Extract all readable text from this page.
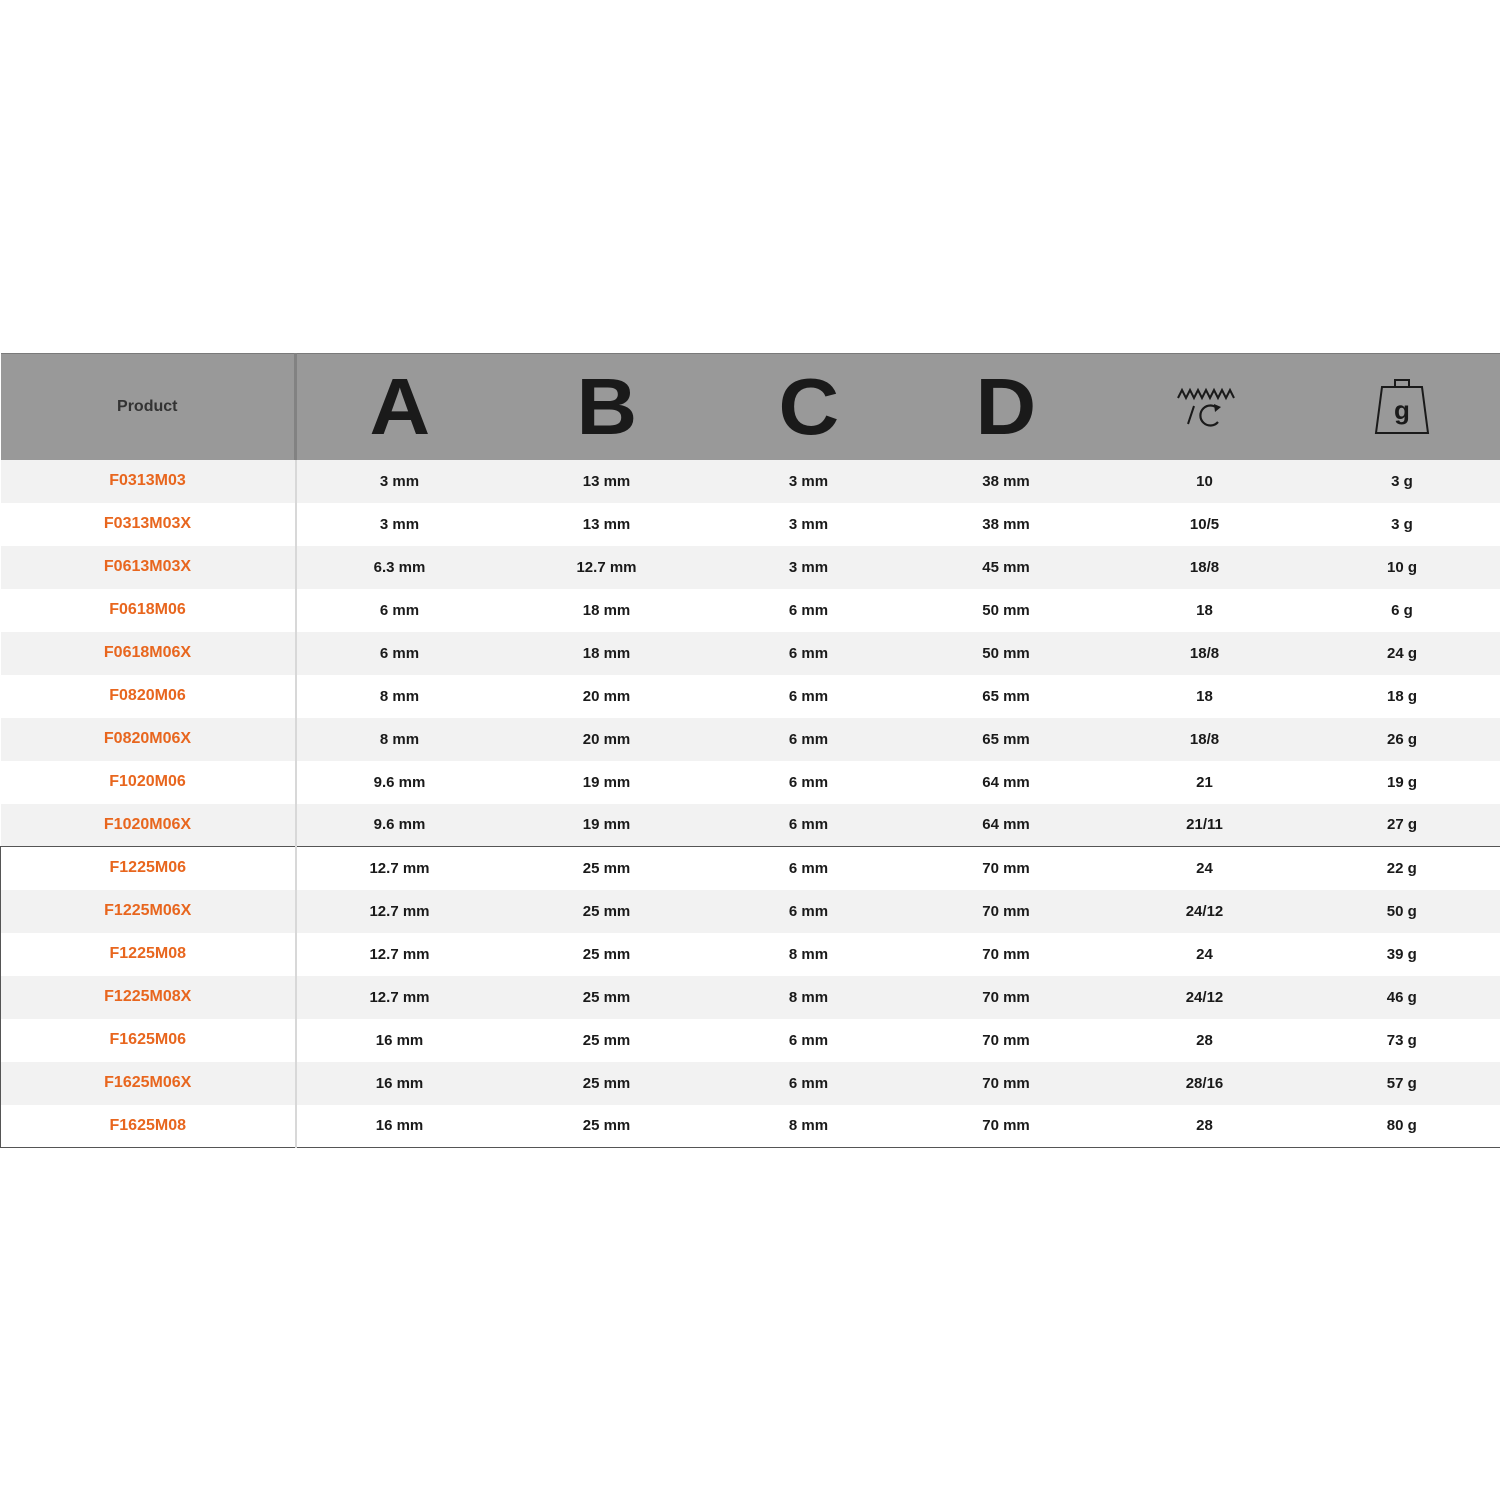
Product	A	B	C	D		g

F0313M03	3 mm	13 mm	3 mm	38 mm	10	3 g
F0313M03X	3 mm	13 mm	3 mm	38 mm	10/5	3 g
F0613M03X	6.3 mm	12.7 mm	3 mm	45 mm	18/8	10 g
F0618M06	6 mm	18 mm	6 mm	50 mm	18	6 g
F0618M06X	6 mm	18 mm	6 mm	50 mm	18/8	24 g
F0820M06	8 mm	20 mm	6 mm	65 mm	18	18 g
F0820M06X	8 mm	20 mm	6 mm	65 mm	18/8	26 g
F1020M06	9.6 mm	19 mm	6 mm	64 mm	21	19 g
F1020M06X	9.6 mm	19 mm	6 mm	64 mm	21/11	27 g
F1225M06	12.7 mm	25 mm	6 mm	70 mm	24	22 g
F1225M06X	12.7 mm	25 mm	6 mm	70 mm	24/12	50 g
F1225M08	12.7 mm	25 mm	8 mm	70 mm	24	39 g
F1225M08X	12.7 mm	25 mm	8 mm	70 mm	24/12	46 g
F1625M06	16 mm	25 mm	6 mm	70 mm	28	73 g
F1625M06X	16 mm	25 mm	6 mm	70 mm	28/16	57 g
F1625M08	16 mm	25 mm	8 mm	70 mm	28	80 g
